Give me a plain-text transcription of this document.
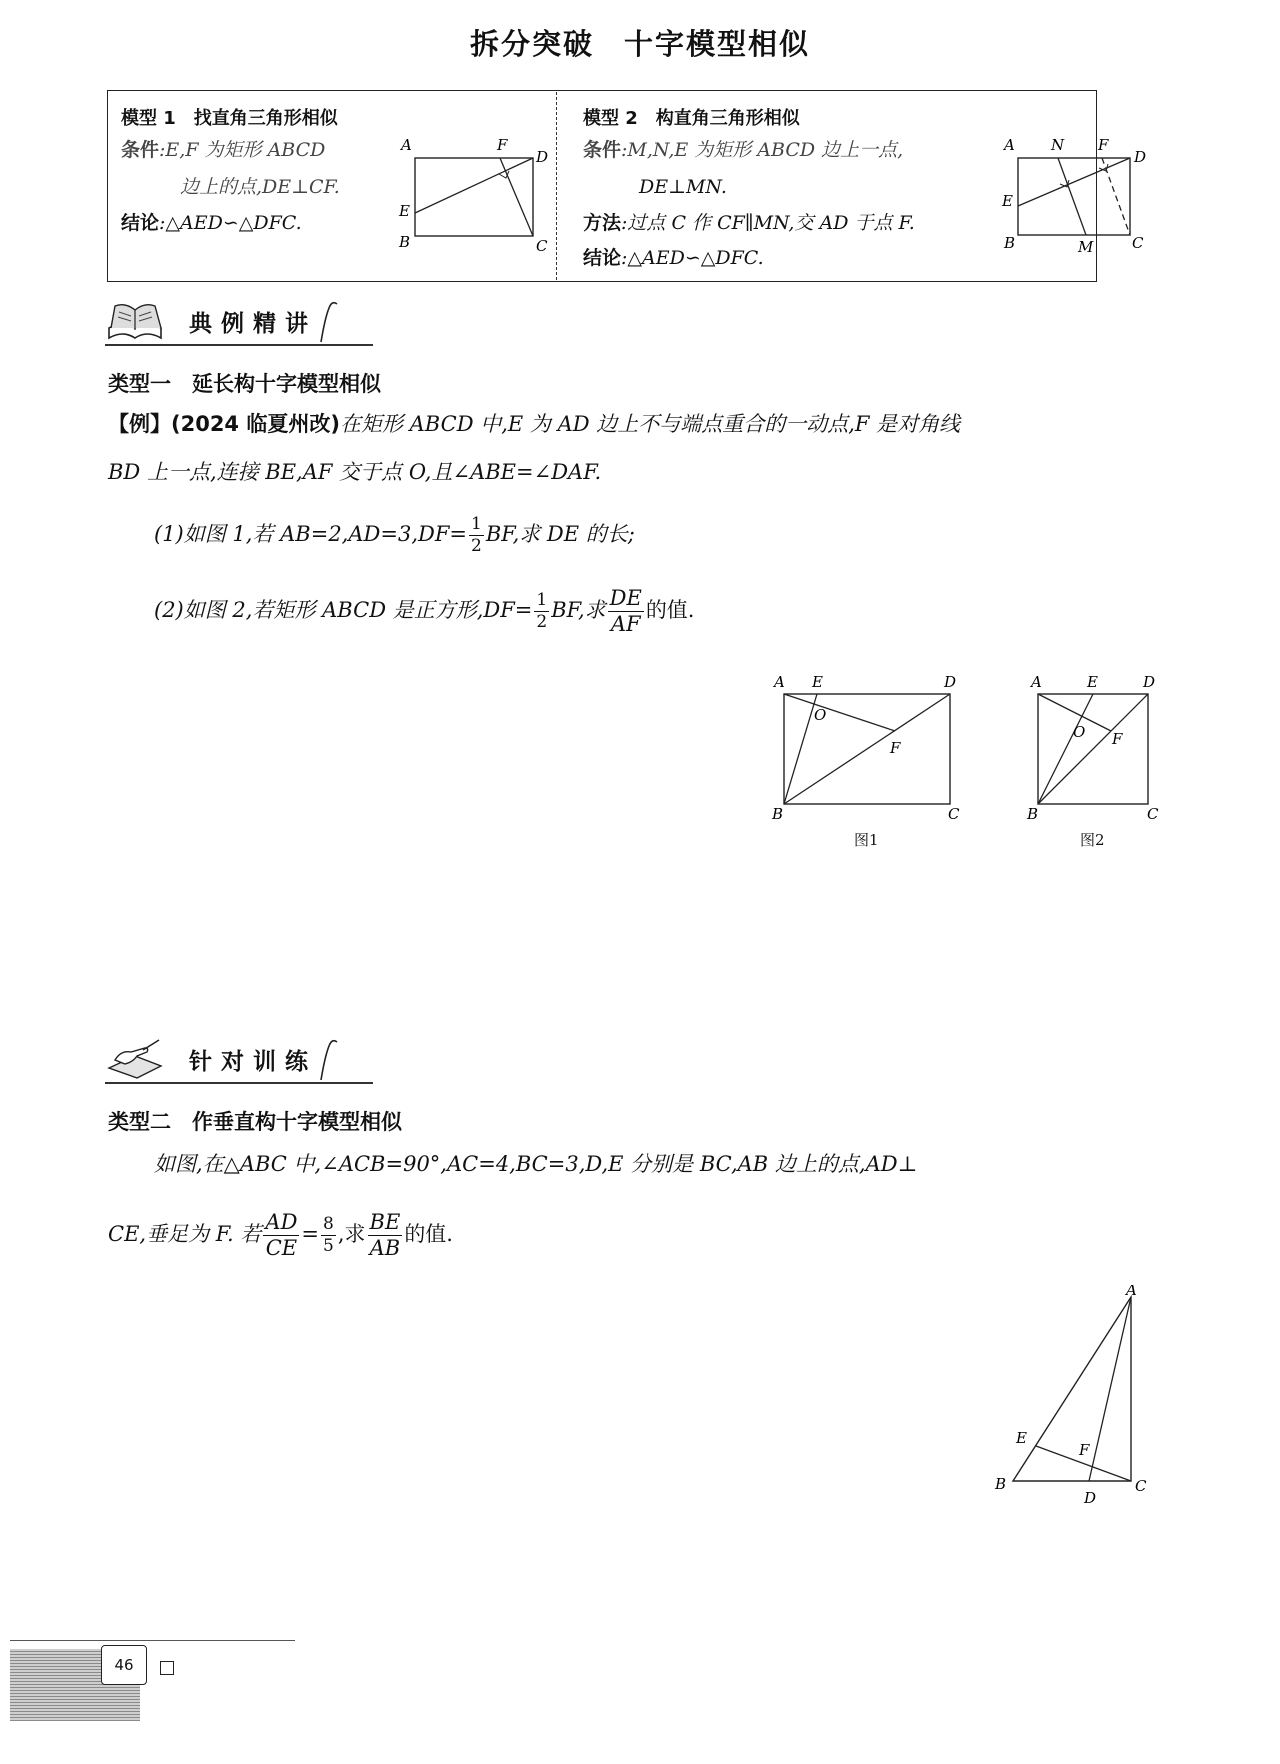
拆分突破 十字模型相似
模型 1　找直角三角形相似
条件:E,F 为矩形 ABCD
边上的点,DE⊥CF.
结论:△AED∽△DFC.
A	F
D
E
B	C
模型 2　构直角三角形相似
条件:M,N,E 为矩形 ABCD 边上一点,
DE⊥MN.
方法:过点 C 作 CF∥MN,交 AD 于点 F.
结论:△AED∽△DFC.
A N F
D
E
B	M	C
典例精讲
类型一　延长构十字模型相似
【例】(2024 临夏州改)在矩形 ABCD 中,E 为 AD 边上不与端点重合的一动点,F 是对角线
BD 上一点,连接 BE,AF 交于点 O,且∠ABE=∠DAF.
(1)如图 1,若 $AB=2,AD=3,DF= \frac{1}{2}$ BF,求 DE 的长;
(2)如图 2,若矩形 ABCD 是正方形$,DF= \frac{1}{2}$ BF,求 $\frac{DE}{AF}$ 的值.
A E	D
O
F
B	C
图1
A	E	D
O F
B	C
图2
针对训练
类型二　作垂直构十字模型相似
如图,在△ABC 中,∠ACB=90°,AC=4,BC=3,D,E 分别是 BC,AB 边上的点,AD⊥
CE,垂足为 F. 若 $\frac{AD}{CE} = \frac{8}{5}$ ,求 $\frac{BE}{AB}$ 的值.
A
E
F
B
D
C
46
